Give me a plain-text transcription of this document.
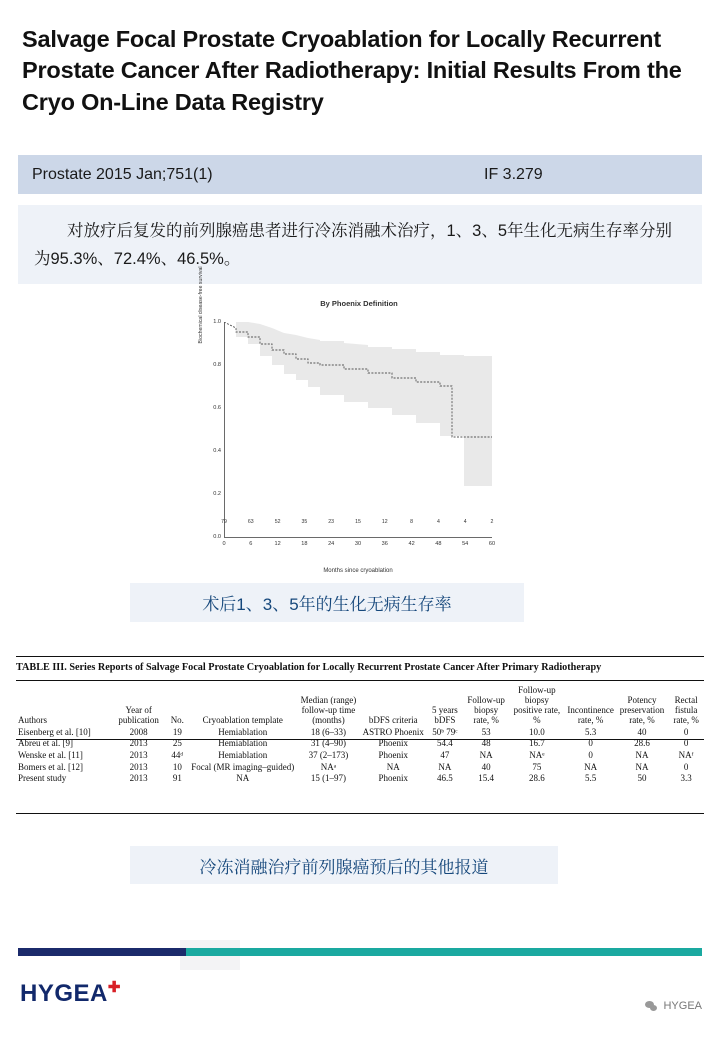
Salvage Focal Prostate Cryoablation for Locally Recurrent Prostate Cancer After Radiotherapy: Initial Results From the Cryo On-Line Data Registry
Prostate 2015 Jan;751(1)	IF 3.279
对放疗后复发的前列腺癌患者进行冷冻消融术治疗，1、3、5年生化无病生存率分别为95.3%、72.4%、46.5%。
By Phoenix Definition
0.0
0.2
0.4
0.6
0.8
1.0
Biochemical disease-free survival
0	6	12	18	24	30	36	42	48	54	60
79	63	52	35	23	15	12	8	4	4	2
Months since cryoablation
术后1、3、5年的生化无病生存率
TABLE III. Series Reports of Salvage Focal Prostate Cryoablation for Locally Recurrent Prostate Cancer After Primary Radiotherapy
Authors	Year of publication	No.	Cryoablation template	Median (range) follow-up time (months)	bDFS criteria	5 years bDFS	Follow-up biopsy rate, %	Follow-up biopsy positive rate, %	Incontinence rate, %	Potency preservation rate, %	Rectal fistula rate, %
Eisenberg et al. [10]	2008	19	Hemiablation	18 (6–33)	ASTRO Phoenix	50ᵇ 79ᶜ	53	10.0	5.3	40	0
Abreu et al. [9]	2013	25	Hemiablation	31 (4–90)	Phoenix	54.4	48	16.7	0	28.6	0
Wenske et al. [11]	2013	44ᵈ	Hemiablation	37 (2–173)	Phoenix	47	NA	NAᵉ	0	NA	NAᶠ
Bomers et al. [12]	2013	10	Focal (MR imaging–guided)	NAᵃ	NA	NA	40	75	NA	NA	0
Present study	2013	91	NA	15 (1–97)	Phoenix	46.5	15.4	28.6	5.5	50	3.3
冷冻消融治疗前列腺癌预后的其他报道
HYGEA✚
HYGEA
